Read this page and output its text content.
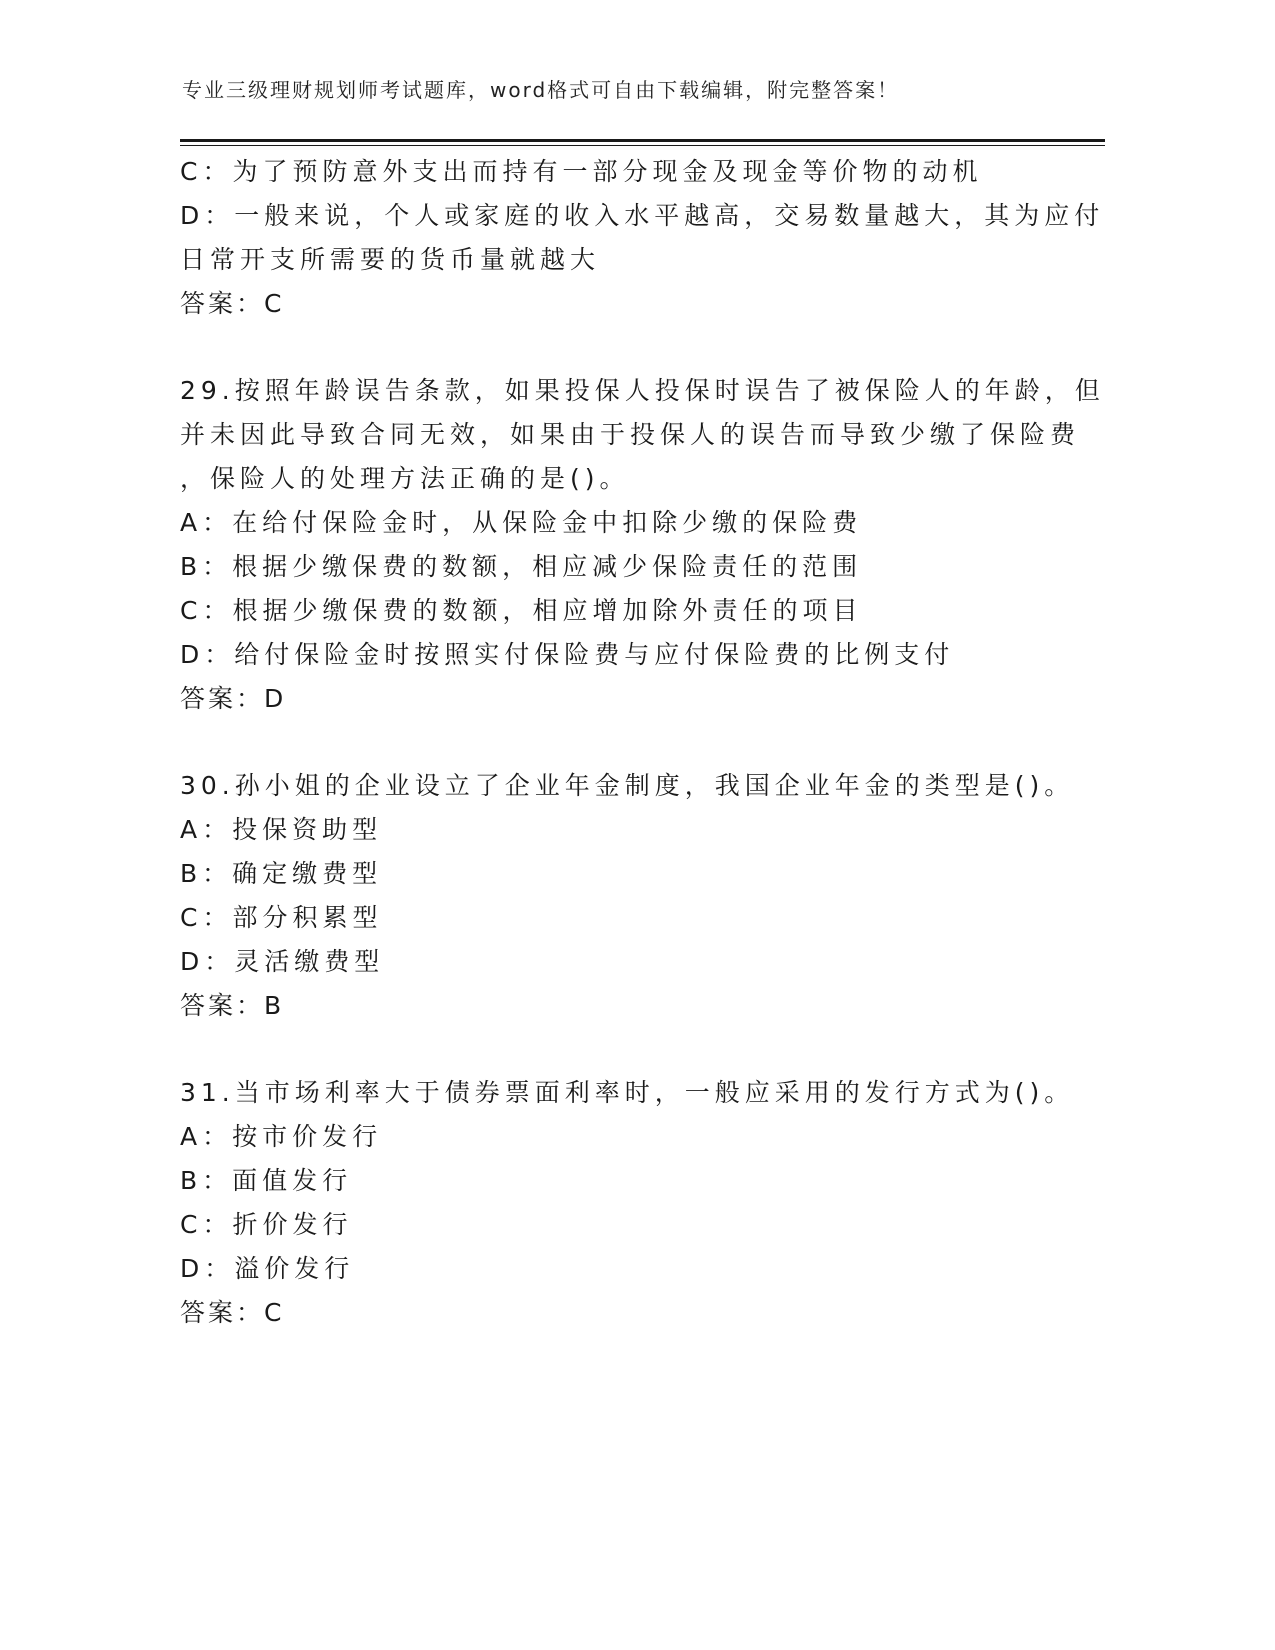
专业三级理财规划师考试题库，word格式可自由下载编辑，附完整答案！
C：为了预防意外支出而持有一部分现金及现金等价物的动机
D：一般来说，个人或家庭的收入水平越高，交易数量越大，其为应付
日常开支所需要的货币量就越大
答案：C
29.按照年龄误告条款，如果投保人投保时误告了被保险人的年龄，但
并未因此导致合同无效，如果由于投保人的误告而导致少缴了保险费
，保险人的处理方法正确的是()。
A：在给付保险金时，从保险金中扣除少缴的保险费
B：根据少缴保费的数额，相应减少保险责任的范围
C：根据少缴保费的数额，相应增加除外责任的项目
D：给付保险金时按照实付保险费与应付保险费的比例支付
答案：D
30.孙小姐的企业设立了企业年金制度，我国企业年金的类型是()。
A：投保资助型
B：确定缴费型
C：部分积累型
D：灵活缴费型
答案：B
31.当市场利率大于债券票面利率时，一般应采用的发行方式为()。
A：按市价发行
B：面值发行
C：折价发行
D：溢价发行
答案：C
